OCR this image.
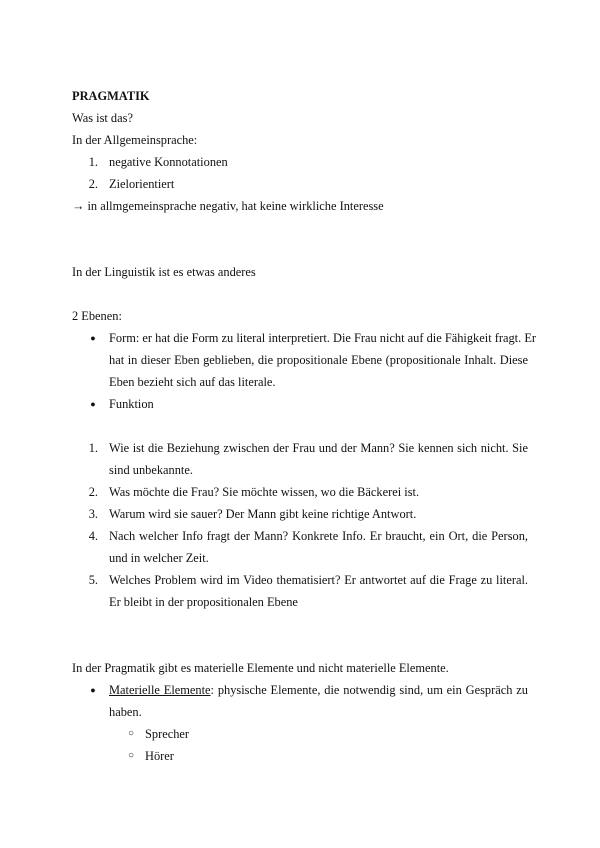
PRAGMATIK
Was ist das?
In der Allgemeinsprache:
1. negative Konnotationen
2. Zielorientiert
→ in allmgemeinsprache negativ, hat keine wirkliche Interesse
In der Linguistik ist es etwas anderes
2 Ebenen:
● Form: er hat die Form zu literal interpretiert. Die Frau nicht auf die Fähigkeit fragt. Er
hat in dieser Eben geblieben, die propositionale Ebene (propositionale Inhalt. Diese
Eben bezieht sich auf das literale.
● Funktion
1. Wie ist die Beziehung zwischen der Frau und der Mann? Sie kennen sich nicht. Sie
sind unbekannte.
2. Was möchte die Frau? Sie möchte wissen, wo die Bäckerei ist.
3. Warum wird sie sauer? Der Mann gibt keine richtige Antwort.
4. Nach welcher Info fragt der Mann? Konkrete Info. Er braucht, ein Ort, die Person,
und in welcher Zeit.
5. Welches Problem wird im Video thematisiert? Er antwortet auf die Frage zu literal.
Er bleibt in der propositionalen Ebene
In der Pragmatik gibt es materielle Elemente und nicht materielle Elemente.
● Materielle Elemente: physische Elemente, die notwendig sind, um ein Gespräch zu
haben.
○ Sprecher
○ Hörer
